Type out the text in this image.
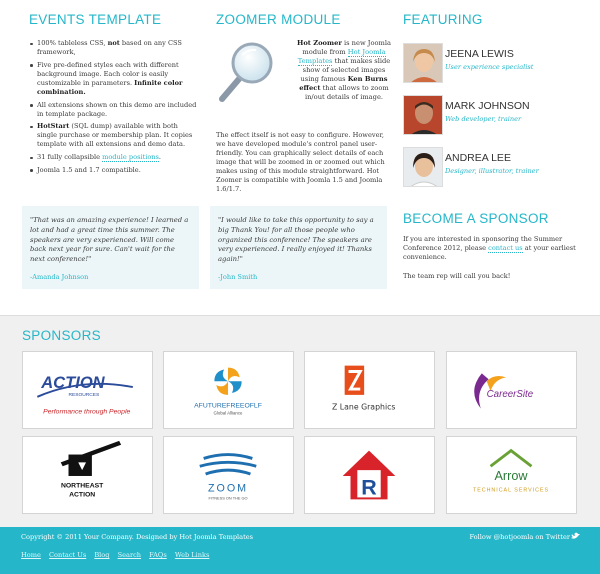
EVENTS TEMPLATE
100% tableless CSS, not based on any CSS framework,
Five pre-defined styles each with different background image. Each color is easily customizable in parameters. Infinite color combination.
All extensions shown on this demo are included in template package.
HotStart (SQL dump) available with both single purchase or membership plan. It copies template with all extensions and demo data.
31 fully collapsible module positions.
Joomla 1.5 and 1.7 compatible.
ZOOMER MODULE
Hot Zoomer is new Joomla module from Hot Joomla Templates that makes slide show of selected images using famous Ken Burns effect that allows to zoom in/out details of image.

The effect itself is not easy to configure. However, we have developed module's control panel user-friendly. You can graphically select details of each image that will be zoomed in or zoomed out which makes using of this module straightforward. Hot Zoomer is compatible with Joomla 1.5 and Joomla 1.6/1.7.

FEATURING
JEENA LEWIS
User experience specialist
MARK JOHNSON
Web developer, trainer
ANDREA LEE
Designer, illustrator, trainer

"That was an amazing experience! I learned a lot and had a great time this summer. The speakers are very experienced. Will come back next year for sure. Can't wait for the next conference!"

-Amanda Johnson

"I would like to take this opportunity to say a big Thank You! for all those people who organized this conference! The speakers are very experienced. I really enjoyed it! Thanks again!"

-John Smith

BECOME A SPONSOR

If you are interested in sponsoring the Summer Conference 2012, please contact us at your earliest convenience.

The team rep will call you back!

SPONSORS
ACTION
RESOURCES
Performance through People
AFUTUREFREEOFLF
Global Alliance
Z Lane Graphics
CareerSite
NORTHEAST
ACTION
ZOOM
FITNESS ON THE GO	R	Arrow
TECHNICAL SERVICES
Copyright © 2011 Your Company. Designed by Hot Joomla Templates	Follow @hotjoomla on Twitter
Home Contact Us Blog Search FAQs Web Links
